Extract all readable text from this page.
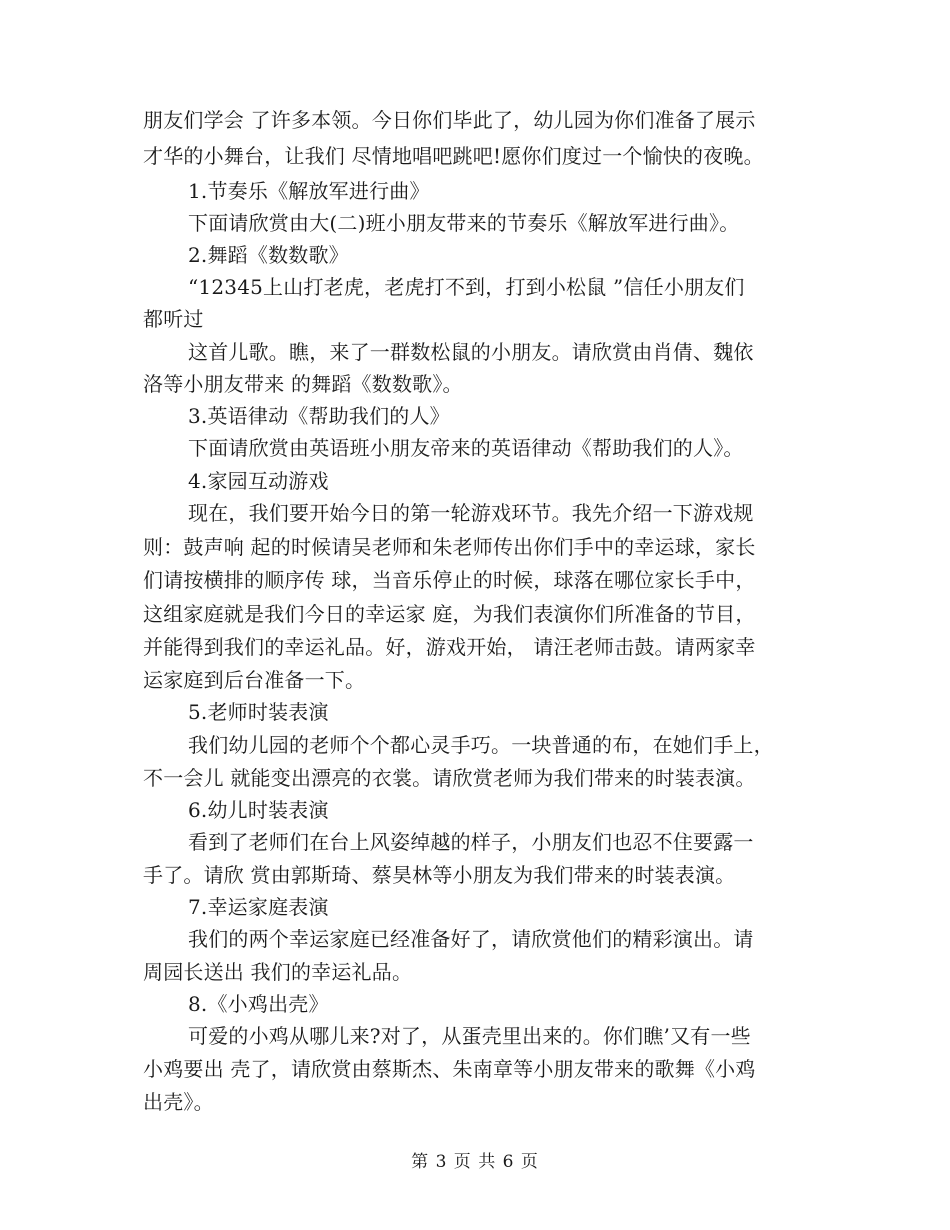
朋友们学会 了许多本领。今日你们毕此了，幼儿园为你们准备了展示
才华的小舞台，让我们 尽情地唱吧跳吧!愿你们度过一个愉快的夜晚。
1.节奏乐《解放军进行曲》
下面请欣赏由大(二)班小朋友带来的节奏乐《解放军进行曲》。
2.舞蹈《数数歌》
“12345上山打老虎，老虎打不到，打到小松鼠 ”信任小朋友们
都听过
这首儿歌。瞧，来了一群数松鼠的小朋友。请欣赏由肖倩、魏依
洛等小朋友带来 的舞蹈《数数歌》。
3.英语律动《帮助我们的人》
下面请欣赏由英语班小朋友帝来的英语律动《帮助我们的人》。
4.家园互动游戏
现在，我们要开始今日的第一轮游戏环节。我先介绍一下游戏规
则：鼓声响 起的时候请吴老师和朱老师传出你们手中的幸运球，家长
们请按横排的顺序传 球，当音乐停止的时候，球落在哪位家长手中，
这组家庭就是我们今日的幸运家 庭，为我们表演你们所准备的节目，
并能得到我们的幸运礼品。好，游戏开始， 请汪老师击鼓。请两家幸
运家庭到后台准备一下。
5.老师时装表演
我们幼儿园的老师个个都心灵手巧。一块普通的布，在她们手上，
不一会儿 就能变出漂亮的衣裳。请欣赏老师为我们带来的时装表演。
6.幼儿时装表演
看到了老师们在台上风姿绰越的样子，小朋友们也忍不住要露一
手了。请欣 赏由郭斯琦、蔡昊林等小朋友为我们带来的时装表演。
7.幸运家庭表演
我们的两个幸运家庭已经准备好了，请欣赏他们的精彩演出。请
周园长送出 我们的幸运礼品。
8.《小鸡出壳》
可爱的小鸡从哪儿来?对了，从蛋壳里出来的。你们瞧’又有一些
小鸡要出 壳了，请欣赏由蔡斯杰、朱南章等小朋友带来的歌舞《小鸡
出壳》。
第 3 页 共 6 页
